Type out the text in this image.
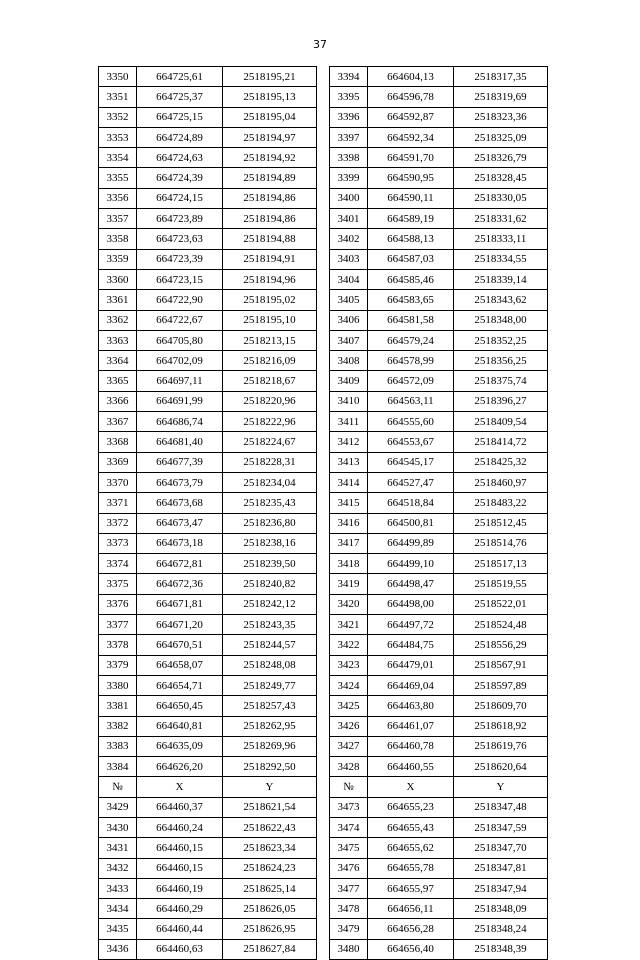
37
3350	664725,61	2518195,21		3394	664604,13	2518317,35
3351	664725,37	2518195,13		3395	664596,78	2518319,69
3352	664725,15	2518195,04		3396	664592,87	2518323,36
3353	664724,89	2518194,97		3397	664592,34	2518325,09
3354	664724,63	2518194,92		3398	664591,70	2518326,79
3355	664724,39	2518194,89		3399	664590,95	2518328,45
3356	664724,15	2518194,86		3400	664590,11	2518330,05
3357	664723,89	2518194,86		3401	664589,19	2518331,62
3358	664723,63	2518194,88		3402	664588,13	2518333,11
3359	664723,39	2518194,91		3403	664587,03	2518334,55
3360	664723,15	2518194,96		3404	664585,46	2518339,14
3361	664722,90	2518195,02		3405	664583,65	2518343,62
3362	664722,67	2518195,10		3406	664581,58	2518348,00
3363	664705,80	2518213,15		3407	664579,24	2518352,25
3364	664702,09	2518216,09		3408	664578,99	2518356,25
3365	664697,11	2518218,67		3409	664572,09	2518375,74
3366	664691,99	2518220,96		3410	664563,11	2518396,27
3367	664686,74	2518222,96		3411	664555,60	2518409,54
3368	664681,40	2518224,67		3412	664553,67	2518414,72
3369	664677,39	2518228,31		3413	664545,17	2518425,32
3370	664673,79	2518234,04		3414	664527,47	2518460,97
3371	664673,68	2518235,43		3415	664518,84	2518483,22
3372	664673,47	2518236,80		3416	664500,81	2518512,45
3373	664673,18	2518238,16		3417	664499,89	2518514,76
3374	664672,81	2518239,50		3418	664499,10	2518517,13
3375	664672,36	2518240,82		3419	664498,47	2518519,55
3376	664671,81	2518242,12		3420	664498,00	2518522,01
3377	664671,20	2518243,35		3421	664497,72	2518524,48
3378	664670,51	2518244,57		3422	664484,75	2518556,29
3379	664658,07	2518248,08		3423	664479,01	2518567,91
3380	664654,71	2518249,77		3424	664469,04	2518597,89
3381	664650,45	2518257,43		3425	664463,80	2518609,70
3382	664640,81	2518262,95		3426	664461,07	2518618,92
3383	664635,09	2518269,96		3427	664460,78	2518619,76
3384	664626,20	2518292,50		3428	664460,55	2518620,64
№	X	Y		№	X	Y
3429	664460,37	2518621,54		3473	664655,23	2518347,48
3430	664460,24	2518622,43		3474	664655,43	2518347,59
3431	664460,15	2518623,34		3475	664655,62	2518347,70
3432	664460,15	2518624,23		3476	664655,78	2518347,81
3433	664460,19	2518625,14		3477	664655,97	2518347,94
3434	664460,29	2518626,05		3478	664656,11	2518348,09
3435	664460,44	2518626,95		3479	664656,28	2518348,24
3436	664460,63	2518627,84		3480	664656,40	2518348,39
